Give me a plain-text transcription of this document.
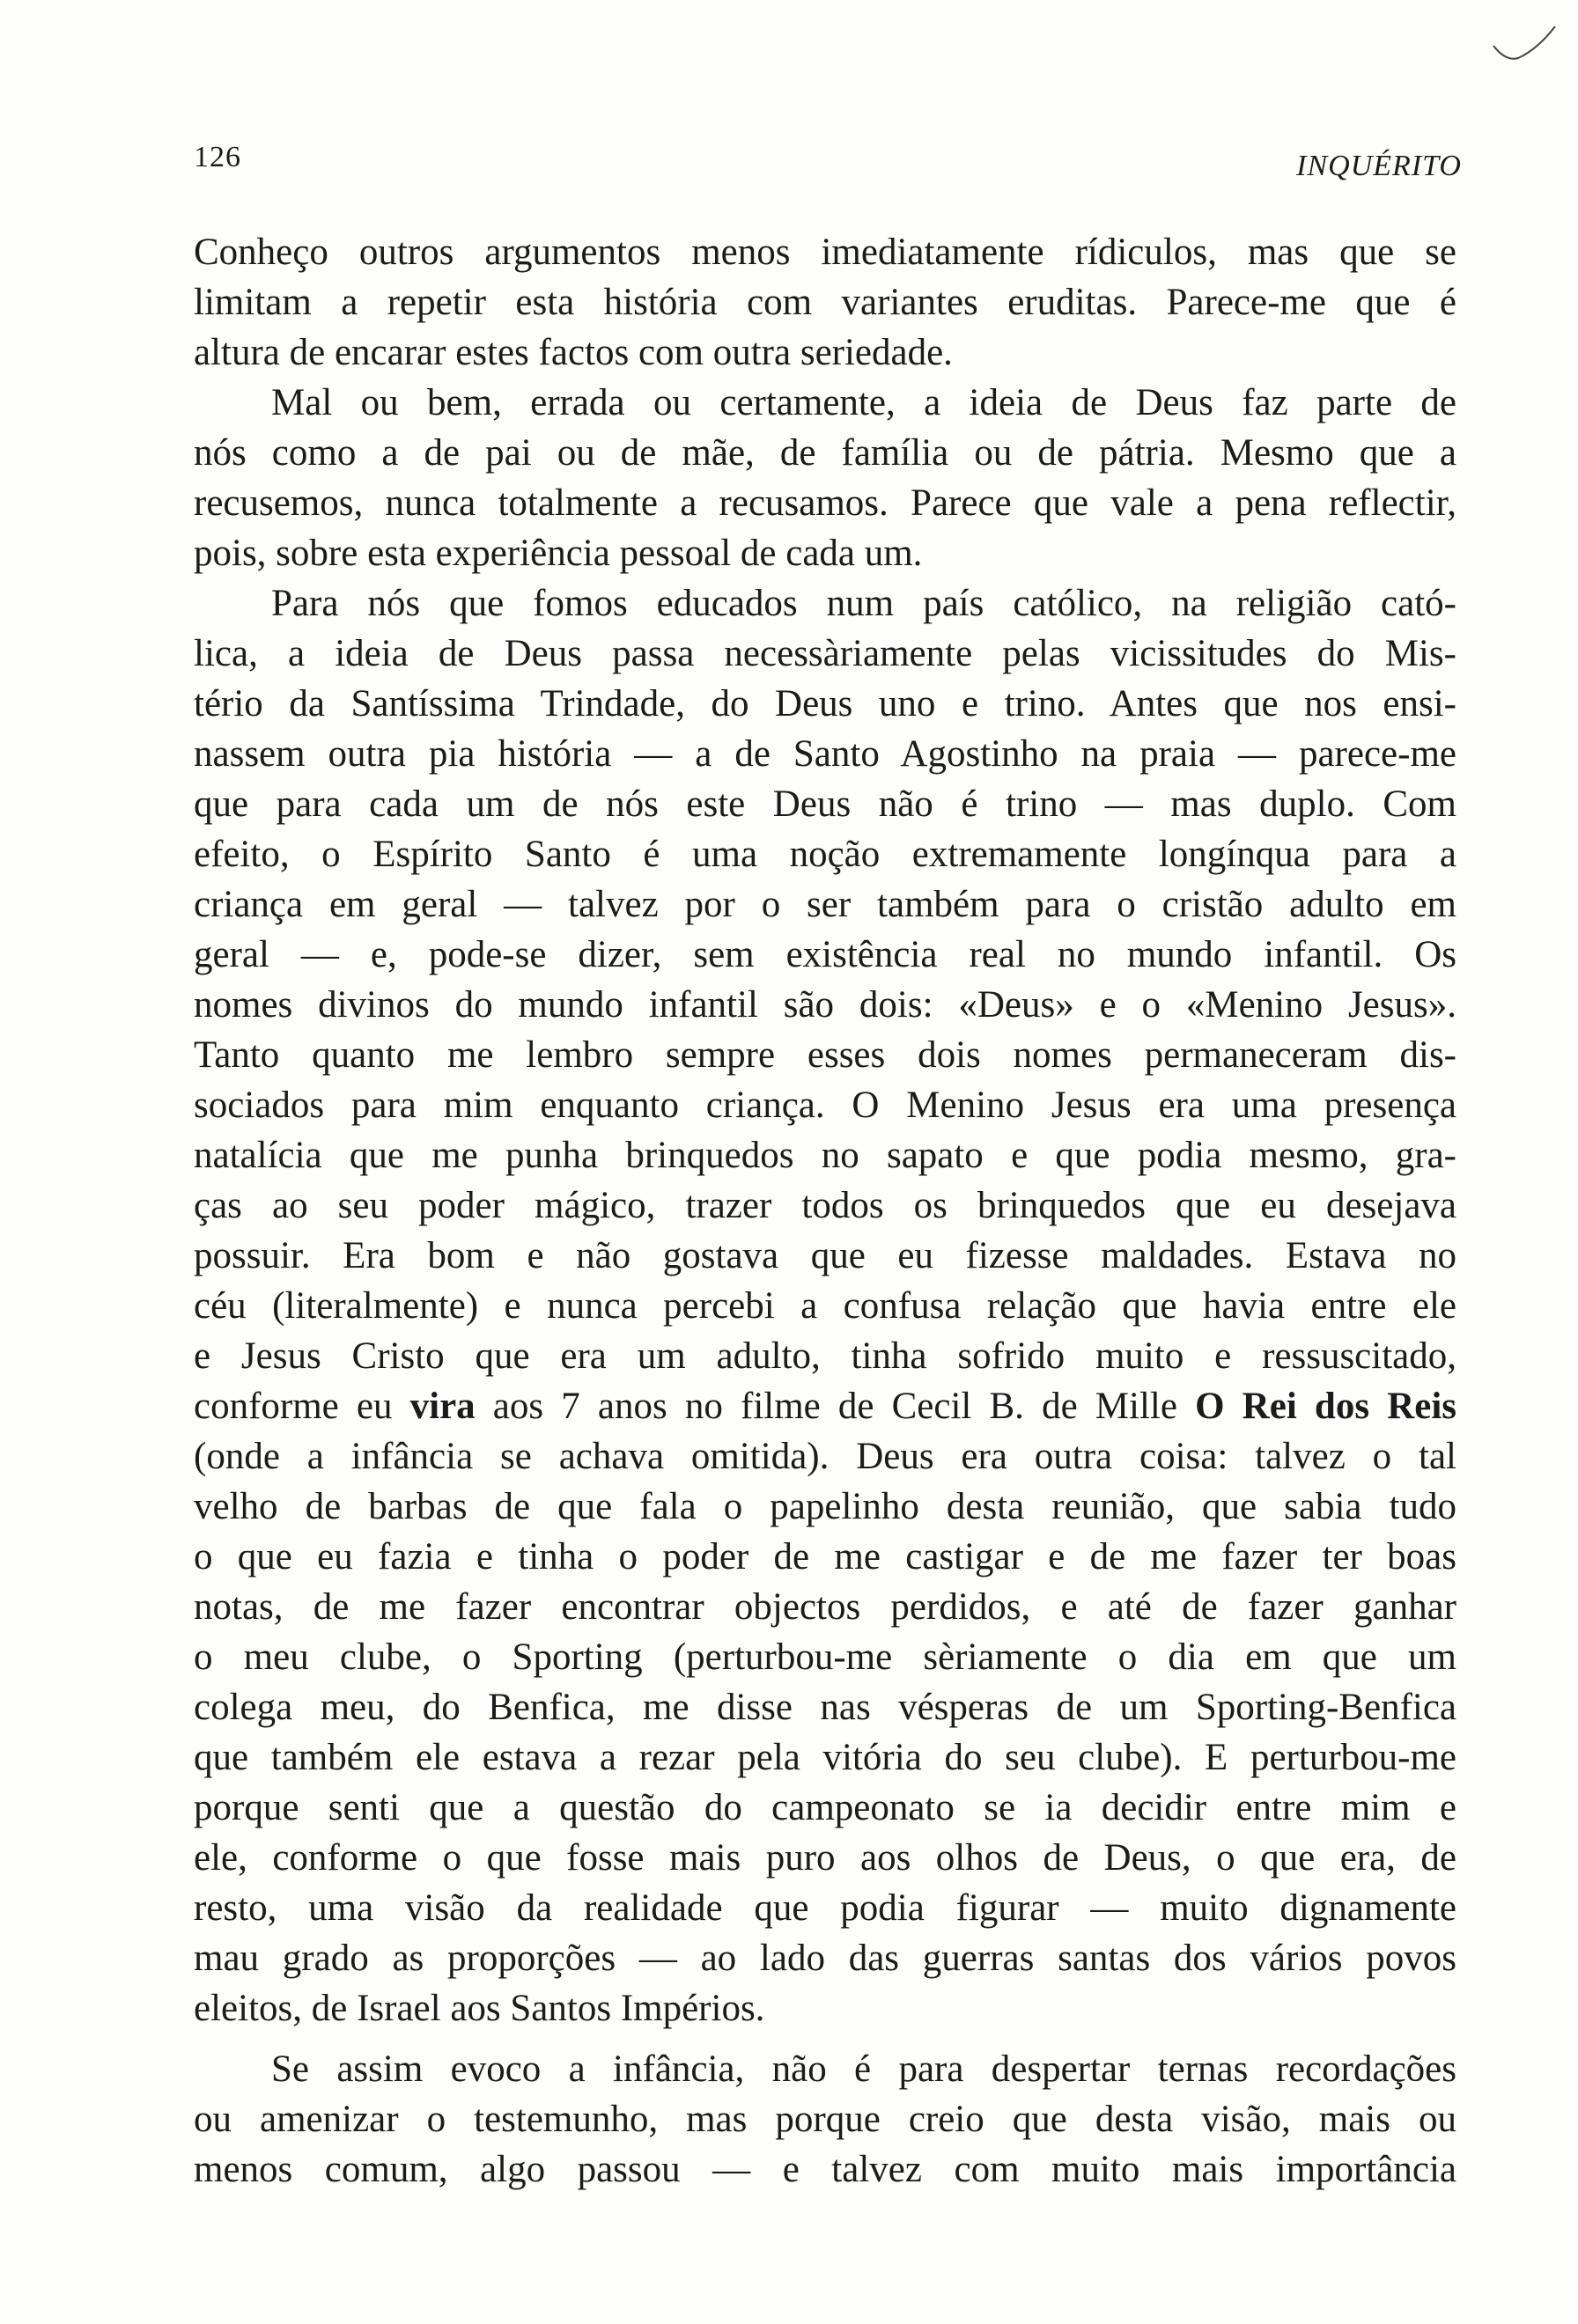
126	INQUÉRITO
Conheço outros argumentos menos imediatamente rídiculos, mas que se
limitam a repetir esta história com variantes eruditas. Parece-me que é
altura de encarar estes factos com outra seriedade.
Mal ou bem, errada ou certamente, a ideia de Deus faz parte de
nós como a de pai ou de mãe, de família ou de pátria. Mesmo que a
recusemos, nunca totalmente a recusamos. Parece que vale a pena reflectir,
pois, sobre esta experiência pessoal de cada um.
Para nós que fomos educados num país católico, na religião cató-
lica, a ideia de Deus passa necessàriamente pelas vicissitudes do Mis-
tério da Santíssima Trindade, do Deus uno e trino. Antes que nos ensi-
nassem outra pia história — a de Santo Agostinho na praia — parece-me
que para cada um de nós este Deus não é trino — mas duplo. Com
efeito, o Espírito Santo é uma noção extremamente longínqua para a
criança em geral — talvez por o ser também para o cristão adulto em
geral — e, pode-se dizer, sem existência real no mundo infantil. Os
nomes divinos do mundo infantil são dois: «Deus» e o «Menino Jesus».
Tanto quanto me lembro sempre esses dois nomes permaneceram dis-
sociados para mim enquanto criança. O Menino Jesus era uma presença
natalícia que me punha brinquedos no sapato e que podia mesmo, gra-
ças ao seu poder mágico, trazer todos os brinquedos que eu desejava
possuir. Era bom e não gostava que eu fizesse maldades. Estava no
céu (literalmente) e nunca percebi a confusa relação que havia entre ele
e Jesus Cristo que era um adulto, tinha sofrido muito e ressuscitado,
conforme eu vira aos 7 anos no filme de Cecil B. de Mille O Rei dos Reis
(onde a infância se achava omitida). Deus era outra coisa: talvez o tal
velho de barbas de que fala o papelinho desta reunião, que sabia tudo
o que eu fazia e tinha o poder de me castigar e de me fazer ter boas
notas, de me fazer encontrar objectos perdidos, e até de fazer ganhar
o meu clube, o Sporting (perturbou-me sèriamente o dia em que um
colega meu, do Benfica, me disse nas vésperas de um Sporting-Benfica
que também ele estava a rezar pela vitória do seu clube). E perturbou-me
porque senti que a questão do campeonato se ia decidir entre mim e
ele, conforme o que fosse mais puro aos olhos de Deus, o que era, de
resto, uma visão da realidade que podia figurar — muito dignamente
mau grado as proporções — ao lado das guerras santas dos vários povos
eleitos, de Israel aos Santos Impérios.
Se assim evoco a infância, não é para despertar ternas recordações
ou amenizar o testemunho, mas porque creio que desta visão, mais ou
menos comum, algo passou — e talvez com muito mais importância
